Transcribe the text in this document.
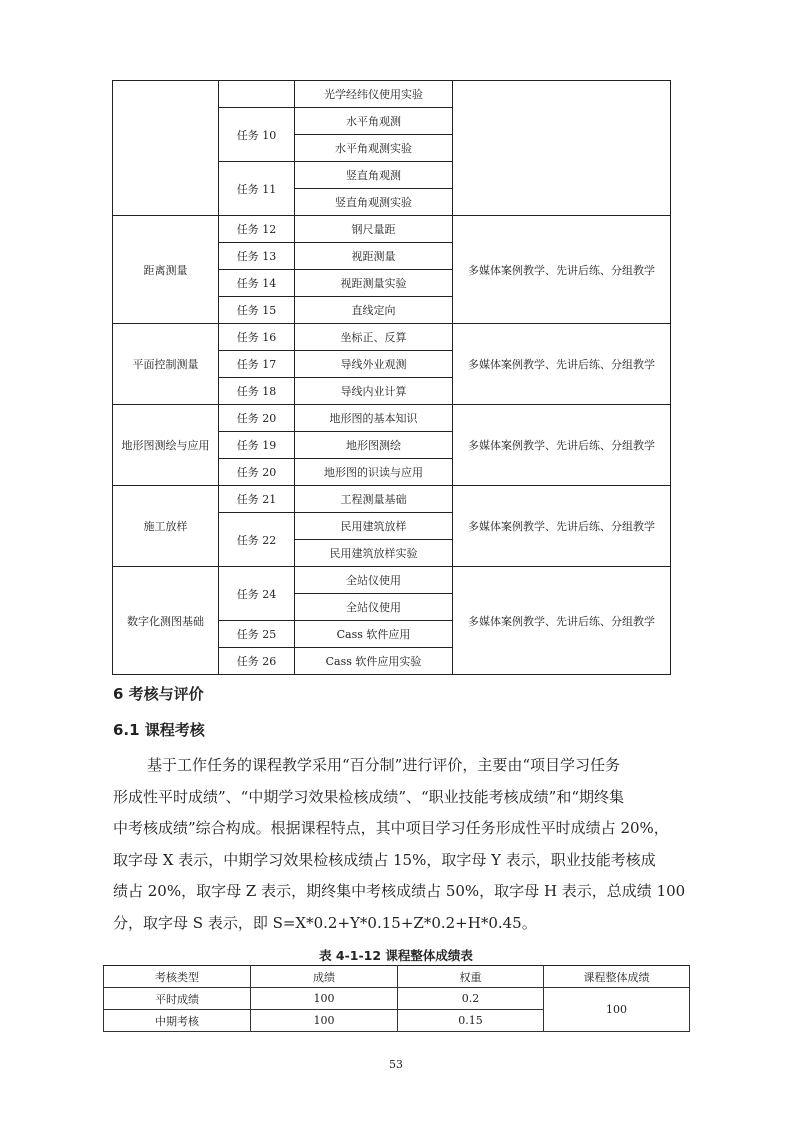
		光学经纬仪使用实验	
	任务 10	水平角观测	
		水平角观测实验	
	任务 11	竖直角观测	
		竖直角观测实验	
距离测量	任务 12	钢尺量距	多媒体案例教学、先讲后练、分组教学
	任务 13	视距测量	
	任务 14	视距测量实验	
	任务 15	直线定向	
平面控制测量	任务 16	坐标正、反算	多媒体案例教学、先讲后练、分组教学
	任务 17	导线外业观测	
	任务 18	导线内业计算	
地形图测绘与应用	任务 20	地形图的基本知识	多媒体案例教学、先讲后练、分组教学
	任务 19	地形图测绘	
	任务 20	地形图的识读与应用	
施工放样	任务 21	工程测量基础	多媒体案例教学、先讲后练、分组教学
	任务 22	民用建筑放样	
		民用建筑放样实验	
数字化测图基础	任务 24	全站仪使用	多媒体案例教学、先讲后练、分组教学
		全站仪使用	
	任务 25	Cass 软件应用	
	任务 26	Cass 软件应用实验	
6 考核与评价
6.1 课程考核
基于工作任务的课程教学采用“百分制”进行评价，主要由“项目学习任务
形成性平时成绩”、“中期学习效果检核成绩”、“职业技能考核成绩”和“期终集
中考核成绩”综合构成。根据课程特点，其中项目学习任务形成性平时成绩占 20%，
取字母 X 表示，中期学习效果检核成绩占 15%，取字母 Y 表示，职业技能考核成
绩占 20%，取字母 Z 表示，期终集中考核成绩占 50%，取字母 H 表示，总成绩 100
分，取字母 S 表示，即 S=X*0.2+Y*0.15+Z*0.2+H*0.45。
表 4-1-12 课程整体成绩表
考核类型	成绩	权重	课程整体成绩
平时成绩	100	0.2	100
中期考核	100	0.15	
53
